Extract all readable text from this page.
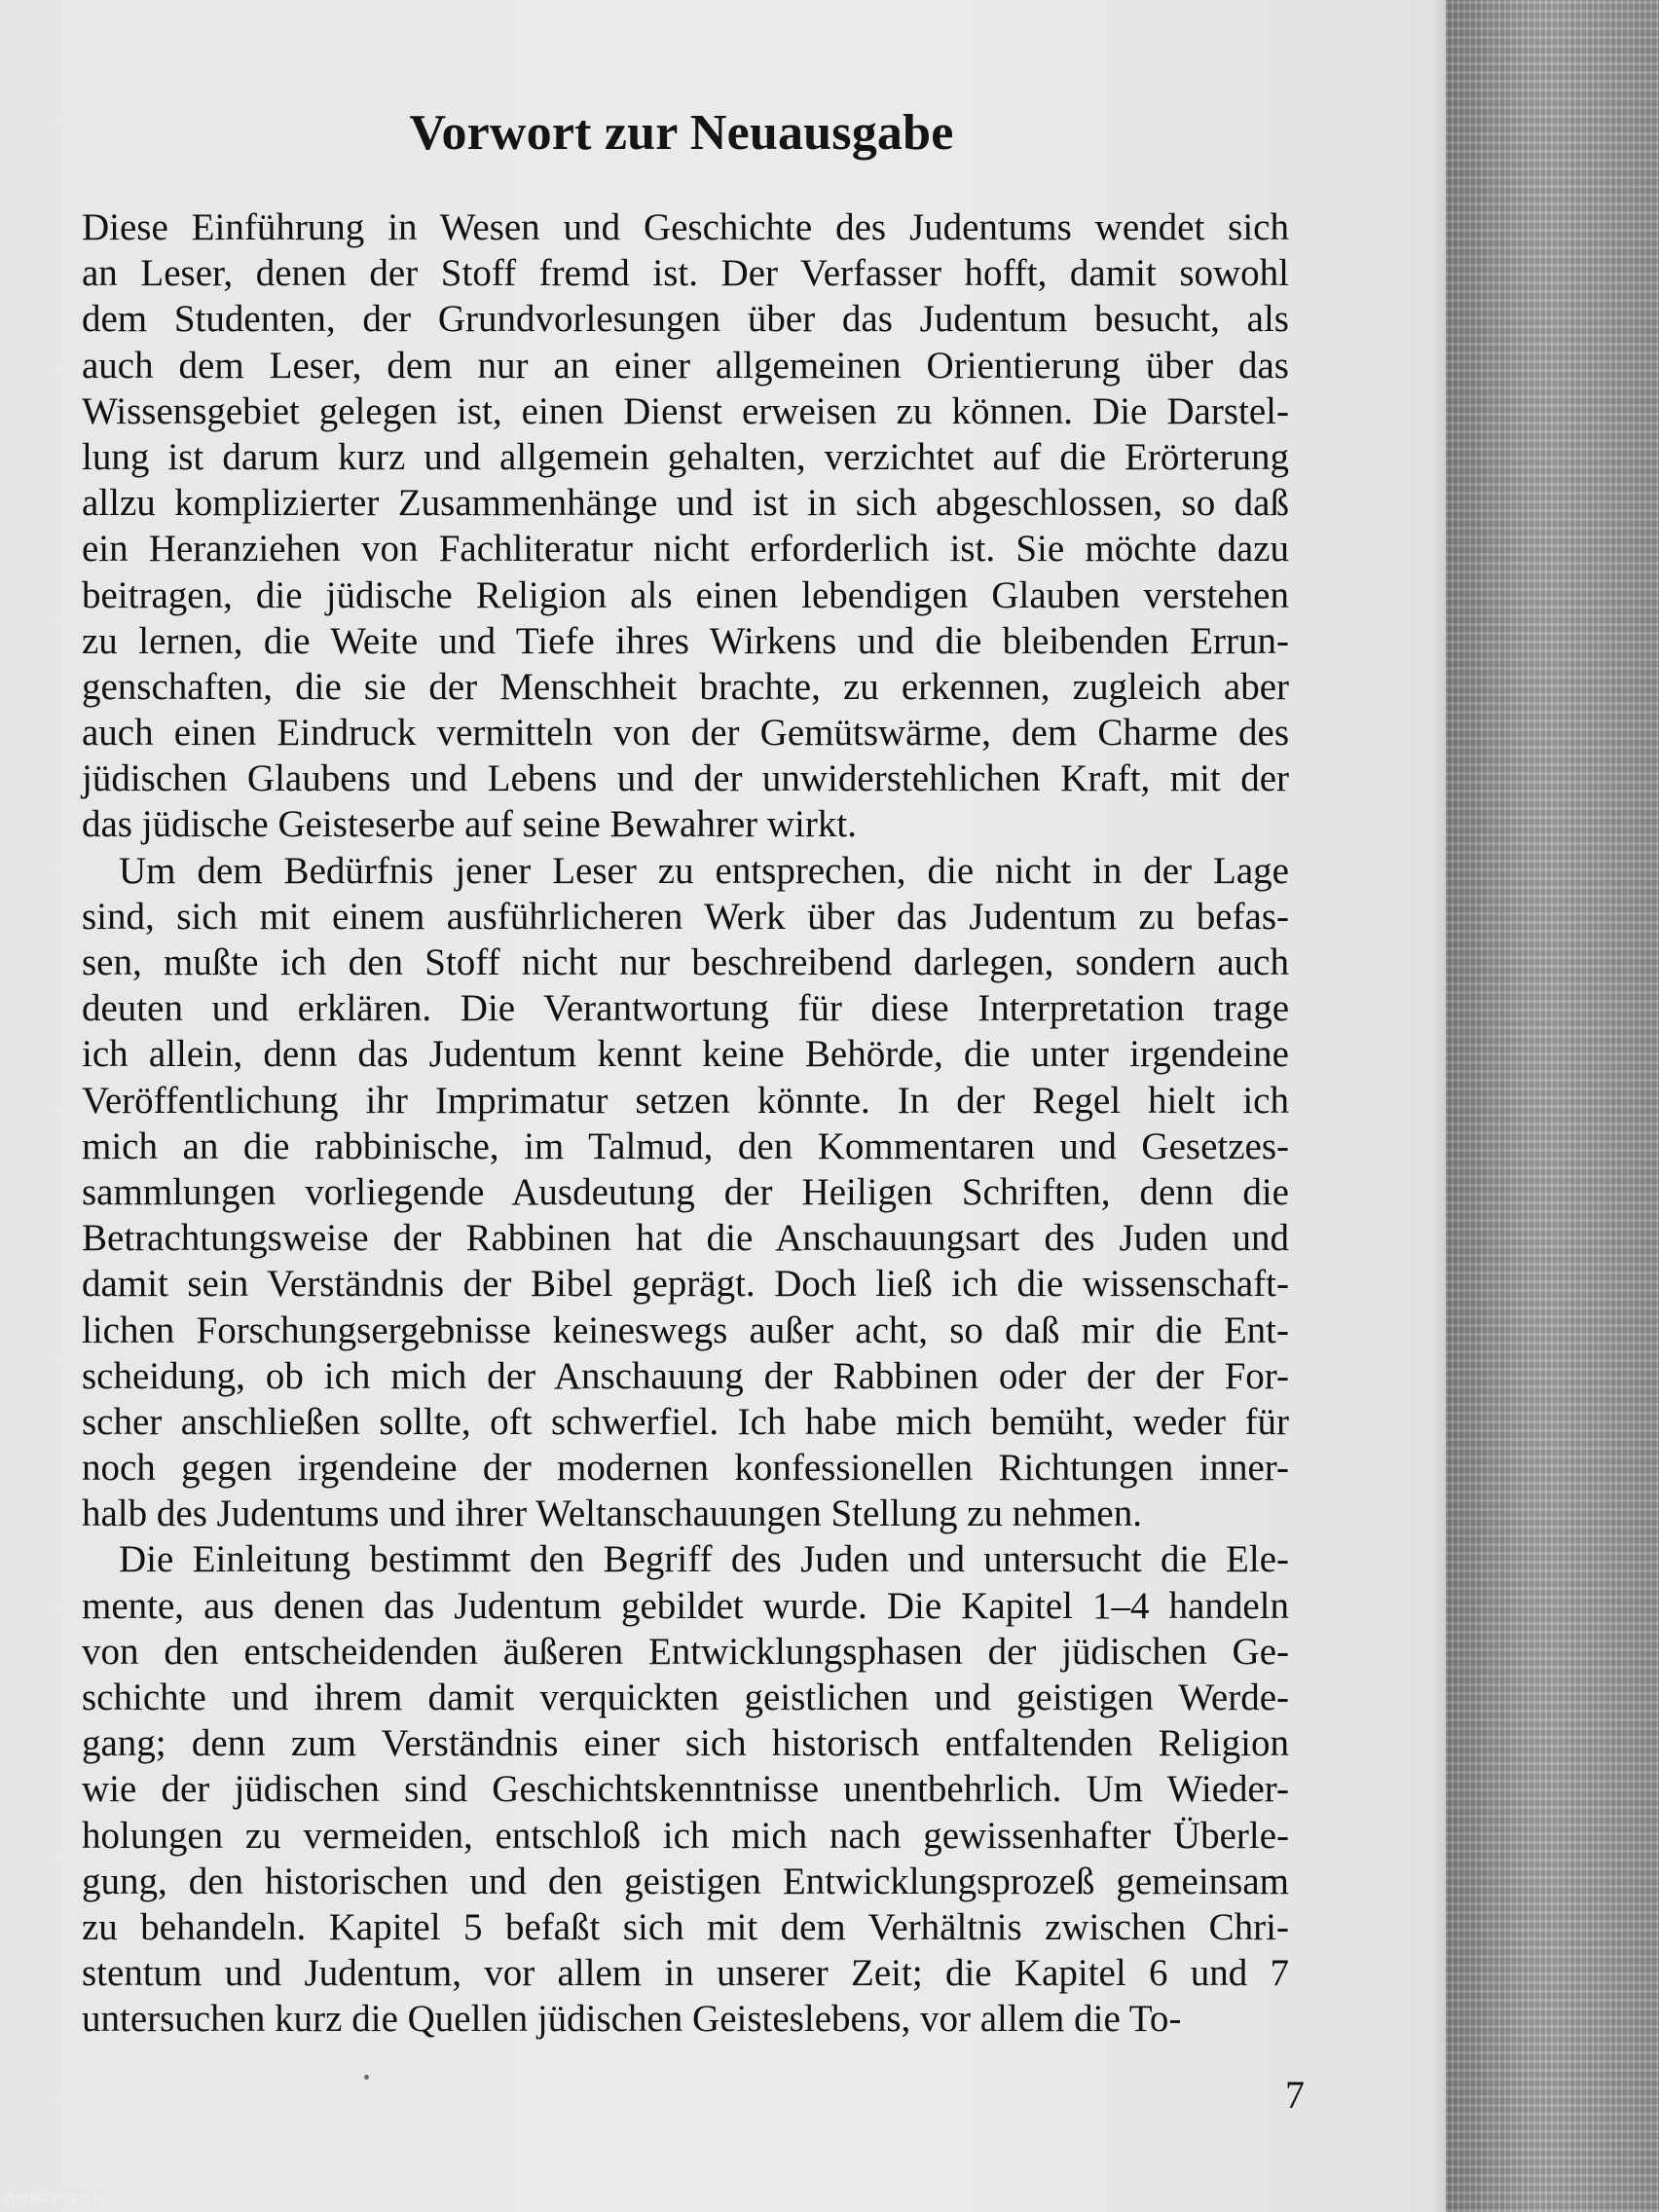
Vorwort zur Neuausgabe
Diese Einführung in Wesen und Geschichte des Judentums wendet sich
an Leser, denen der Stoff fremd ist. Der Verfasser hofft, damit sowohl
dem Studenten, der Grundvorlesungen über das Judentum besucht, als
auch dem Leser, dem nur an einer allgemeinen Orientierung über das
Wissensgebiet gelegen ist, einen Dienst erweisen zu können. Die Darstel-
lung ist darum kurz und allgemein gehalten, verzichtet auf die Erörterung
allzu komplizierter Zusammenhänge und ist in sich abgeschlossen, so daß
ein Heranziehen von Fachliteratur nicht erforderlich ist. Sie möchte dazu
beitragen, die jüdische Religion als einen lebendigen Glauben verstehen
zu lernen, die Weite und Tiefe ihres Wirkens und die bleibenden Errun-
genschaften, die sie der Menschheit brachte, zu erkennen, zugleich aber
auch einen Eindruck vermitteln von der Gemütswärme, dem Charme des
jüdischen Glaubens und Lebens und der unwiderstehlichen Kraft, mit der
das jüdische Geisteserbe auf seine Bewahrer wirkt.
Um dem Bedürfnis jener Leser zu entsprechen, die nicht in der Lage
sind, sich mit einem ausführlicheren Werk über das Judentum zu befas-
sen, mußte ich den Stoff nicht nur beschreibend darlegen, sondern auch
deuten und erklären. Die Verantwortung für diese Interpretation trage
ich allein, denn das Judentum kennt keine Behörde, die unter irgendeine
Veröffentlichung ihr Imprimatur setzen könnte. In der Regel hielt ich
mich an die rabbinische, im Talmud, den Kommentaren und Gesetzes-
sammlungen vorliegende Ausdeutung der Heiligen Schriften, denn die
Betrachtungsweise der Rabbinen hat die Anschauungsart des Juden und
damit sein Verständnis der Bibel geprägt. Doch ließ ich die wissenschaft-
lichen Forschungsergebnisse keineswegs außer acht, so daß mir die Ent-
scheidung, ob ich mich der Anschauung der Rabbinen oder der der For-
scher anschließen sollte, oft schwerfiel. Ich habe mich bemüht, weder für
noch gegen irgendeine der modernen konfessionellen Richtungen inner-
halb des Judentums und ihrer Weltanschauungen Stellung zu nehmen.
Die Einleitung bestimmt den Begriff des Juden und untersucht die Ele-
mente, aus denen das Judentum gebildet wurde. Die Kapitel 1–4 handeln
von den entscheidenden äußeren Entwicklungsphasen der jüdischen Ge-
schichte und ihrem damit verquickten geistlichen und geistigen Werde-
gang; denn zum Verständnis einer sich historisch entfaltenden Religion
wie der jüdischen sind Geschichtskenntnisse unentbehrlich. Um Wieder-
holungen zu vermeiden, entschloß ich mich nach gewissenhafter Überle-
gung, den historischen und den geistigen Entwicklungsprozeß gemeinsam
zu behandeln. Kapitel 5 befaßt sich mit dem Verhältnis zwischen Chri-
stentum und Judentum, vor allem in unserer Zeit; die Kapitel 6 und 7
untersuchen kurz die Quellen jüdischen Geisteslebens, vor allem die To-
7
Antikvárium.hu
